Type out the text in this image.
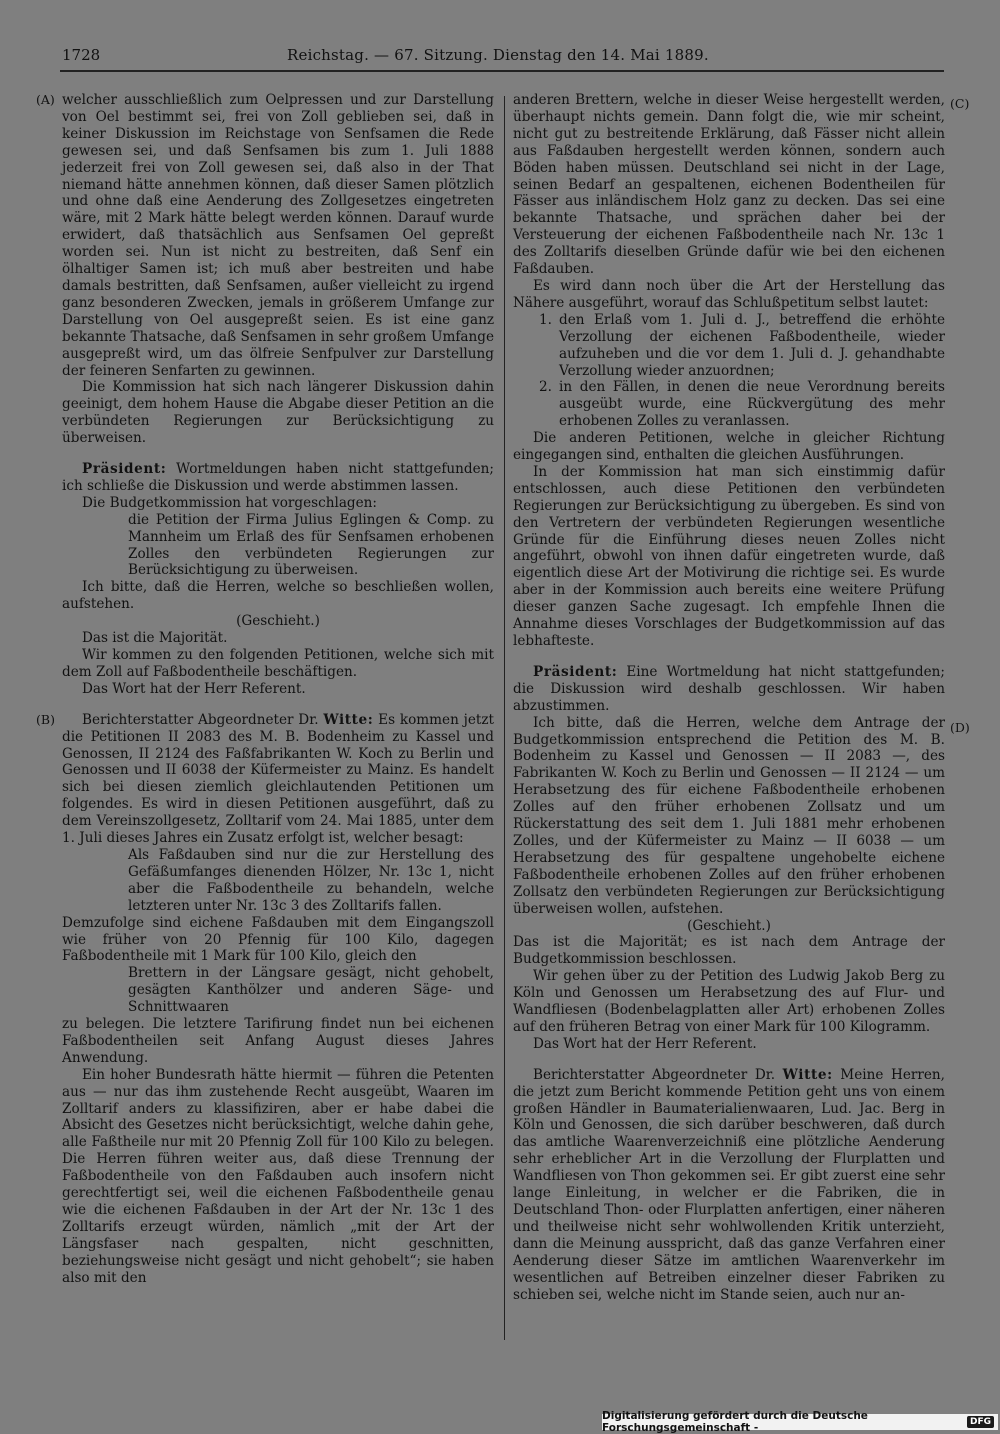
1728	Reichstag. — 67. Sitzung. Dienstag den 14. Mai 1889.
(A)
(B)
(C)
(D)

welcher ausschließlich zum Oelpressen und zur Darstellung von Oel bestimmt sei, frei von Zoll geblieben sei, daß in keiner Diskussion im Reichstage von Senfsamen die Rede gewesen sei, und daß Senfsamen bis zum 1. Juli 1888 jederzeit frei von Zoll gewesen sei, daß also in der That niemand hätte annehmen können, daß dieser Samen plötzlich und ohne daß eine Aenderung des Zollgesetzes eingetreten wäre, mit 2 Mark hätte belegt werden können. Darauf wurde erwidert, daß thatsächlich aus Senfsamen Oel gepreßt worden sei. Nun ist nicht zu bestreiten, daß Senf ein ölhaltiger Samen ist; ich muß aber bestreiten und habe damals bestritten, daß Senfsamen, außer vielleicht zu irgend ganz besonderen Zwecken, jemals in größerem Umfange zur Darstellung von Oel ausgepreßt seien. Es ist eine ganz bekannte Thatsache, daß Senfsamen in sehr großem Umfange ausgepreßt wird, um das ölfreie Senfpulver zur Darstellung der feineren Senfarten zu gewinnen.

Die Kommission hat sich nach längerer Diskussion dahin geeinigt, dem hohem Hause die Abgabe dieser Petition an die verbündeten Regierungen zur Berücksichtigung zu überweisen.

Präsident: Wortmeldungen haben nicht stattgefunden; ich schließe die Diskussion und werde abstimmen lassen.

Die Budgetkommission hat vorgeschlagen:

die Petition der Firma Julius Eglingen & Comp. zu Mannheim um Erlaß des für Senfsamen erhobenen Zolles den verbündeten Regierungen zur Berücksichtigung zu überweisen.

Ich bitte, daß die Herren, welche so beschließen wollen, aufstehen.

(Geschieht.)

Das ist die Majorität.

Wir kommen zu den folgenden Petitionen, welche sich mit dem Zoll auf Faßbodentheile beschäftigen.

Das Wort hat der Herr Referent.

Berichterstatter Abgeordneter Dr. Witte: Es kommen jetzt die Petitionen II 2083 des M. B. Bodenheim zu Kassel und Genossen, II 2124 des Faßfabrikanten W. Koch zu Berlin und Genossen und II 6038 der Küfermeister zu Mainz. Es handelt sich bei diesen ziemlich gleichlautenden Petitionen um folgendes. Es wird in diesen Petitionen ausgeführt, daß zu dem Vereinszollgesetz, Zolltarif vom 24. Mai 1885, unter dem 1. Juli dieses Jahres ein Zusatz erfolgt ist, welcher besagt:

Als Faßdauben sind nur die zur Herstellung des Gefäßumfanges dienenden Hölzer, Nr. 13c 1, nicht aber die Faßbodentheile zu behandeln, welche letzteren unter Nr. 13c 3 des Zolltarifs fallen.

Demzufolge sind eichene Faßdauben mit dem Eingangszoll wie früher von 20 Pfennig für 100 Kilo, dagegen Faßbodentheile mit 1 Mark für 100 Kilo, gleich den

Brettern in der Längsare gesägt, nicht gehobelt, gesägten Kanthölzer und anderen Säge- und Schnittwaaren

zu belegen. Die letztere Tarifirung findet nun bei eichenen Faßbodentheilen seit Anfang August dieses Jahres Anwendung.

Ein hoher Bundesrath hätte hiermit — führen die Petenten aus — nur das ihm zustehende Recht ausgeübt, Waaren im Zolltarif anders zu klassifiziren, aber er habe dabei die Absicht des Gesetzes nicht berücksichtigt, welche dahin gehe, alle Faßtheile nur mit 20 Pfennig Zoll für 100 Kilo zu belegen. Die Herren führen weiter aus, daß diese Trennung der Faßbodentheile von den Faßdauben auch insofern nicht gerechtfertigt sei, weil die eichenen Faßbodentheile genau wie die eichenen Faßdauben in der Art der Nr. 13c 1 des Zolltarifs erzeugt würden, nämlich „mit der Art der Längsfaser nach gespalten, nicht geschnitten, beziehungsweise nicht gesägt und nicht gehobelt“; sie haben also mit den

anderen Brettern, welche in dieser Weise hergestellt werden, überhaupt nichts gemein. Dann folgt die, wie mir scheint, nicht gut zu bestreitende Erklärung, daß Fässer nicht allein aus Faßdauben hergestellt werden können, sondern auch Böden haben müssen. Deutschland sei nicht in der Lage, seinen Bedarf an gespaltenen, eichenen Bodentheilen für Fässer aus inländischem Holz ganz zu decken. Das sei eine bekannte Thatsache, und sprächen daher bei der Versteuerung der eichenen Faßbodentheile nach Nr. 13c 1 des Zolltarifs dieselben Gründe dafür wie bei den eichenen Faßdauben.

Es wird dann noch über die Art der Herstellung das Nähere ausgeführt, worauf das Schlußpetitum selbst lautet:

1. den Erlaß vom 1. Juli d. J., betreffend die erhöhte Verzollung der eichenen Faßbodentheile, wieder aufzuheben und die vor dem 1. Juli d. J. gehandhabte Verzollung wieder anzuordnen;
2. in den Fällen, in denen die neue Verordnung bereits ausgeübt wurde, eine Rückvergütung des mehr erhobenen Zolles zu veranlassen.

Die anderen Petitionen, welche in gleicher Richtung eingegangen sind, enthalten die gleichen Ausführungen.

In der Kommission hat man sich einstimmig dafür entschlossen, auch diese Petitionen den verbündeten Regierungen zur Berücksichtigung zu übergeben. Es sind von den Vertretern der verbündeten Regierungen wesentliche Gründe für die Einführung dieses neuen Zolles nicht angeführt, obwohl von ihnen dafür eingetreten wurde, daß eigentlich diese Art der Motivirung die richtige sei. Es wurde aber in der Kommission auch bereits eine weitere Prüfung dieser ganzen Sache zugesagt. Ich empfehle Ihnen die Annahme dieses Vorschlages der Budgetkommission auf das lebhafteste.

Präsident: Eine Wortmeldung hat nicht stattgefunden; die Diskussion wird deshalb geschlossen. Wir haben abzustimmen.

Ich bitte, daß die Herren, welche dem Antrage der Budgetkommission entsprechend die Petition des M. B. Bodenheim zu Kassel und Genossen — II 2083 —, des Fabrikanten W. Koch zu Berlin und Genossen — II 2124 — um Herabsetzung des für eichene Faßbodentheile erhobenen Zolles auf den früher erhobenen Zollsatz und um Rückerstattung des seit dem 1. Juli 1881 mehr erhobenen Zolles, und der Küfermeister zu Mainz — II 6038 — um Herabsetzung des für gespaltene ungehobelte eichene Faßbodentheile erhobenen Zolles auf den früher erhobenen Zollsatz den verbündeten Regierungen zur Berücksichtigung überweisen wollen, aufstehen.

(Geschieht.)

Das ist die Majorität; es ist nach dem Antrage der Budgetkommission beschlossen.

Wir gehen über zu der Petition des Ludwig Jakob Berg zu Köln und Genossen um Herabsetzung des auf Flur- und Wandfliesen (Bodenbelagplatten aller Art) erhobenen Zolles auf den früheren Betrag von einer Mark für 100 Kilogramm.

Das Wort hat der Herr Referent.

Berichterstatter Abgeordneter Dr. Witte: Meine Herren, die jetzt zum Bericht kommende Petition geht uns von einem großen Händler in Baumaterialienwaaren, Lud. Jac. Berg in Köln und Genossen, die sich darüber beschweren, daß durch das amtliche Waarenverzeichniß eine plötzliche Aenderung sehr erheblicher Art in die Verzollung der Flurplatten und Wandfliesen von Thon gekommen sei. Er gibt zuerst eine sehr lange Einleitung, in welcher er die Fabriken, die in Deutschland Thon- oder Flurplatten anfertigen, einer näheren und theilweise nicht sehr wohlwollenden Kritik unterzieht, dann die Meinung ausspricht, daß das ganze Verfahren einer Aenderung dieser Sätze im amtlichen Waarenverkehr im wesentlichen auf Betreiben einzelner dieser Fabriken zu schieben sei, welche nicht im Stande seien, auch nur an-

Digitalisierung gefördert durch die Deutsche Forschungsgemeinschaft -	DFG
